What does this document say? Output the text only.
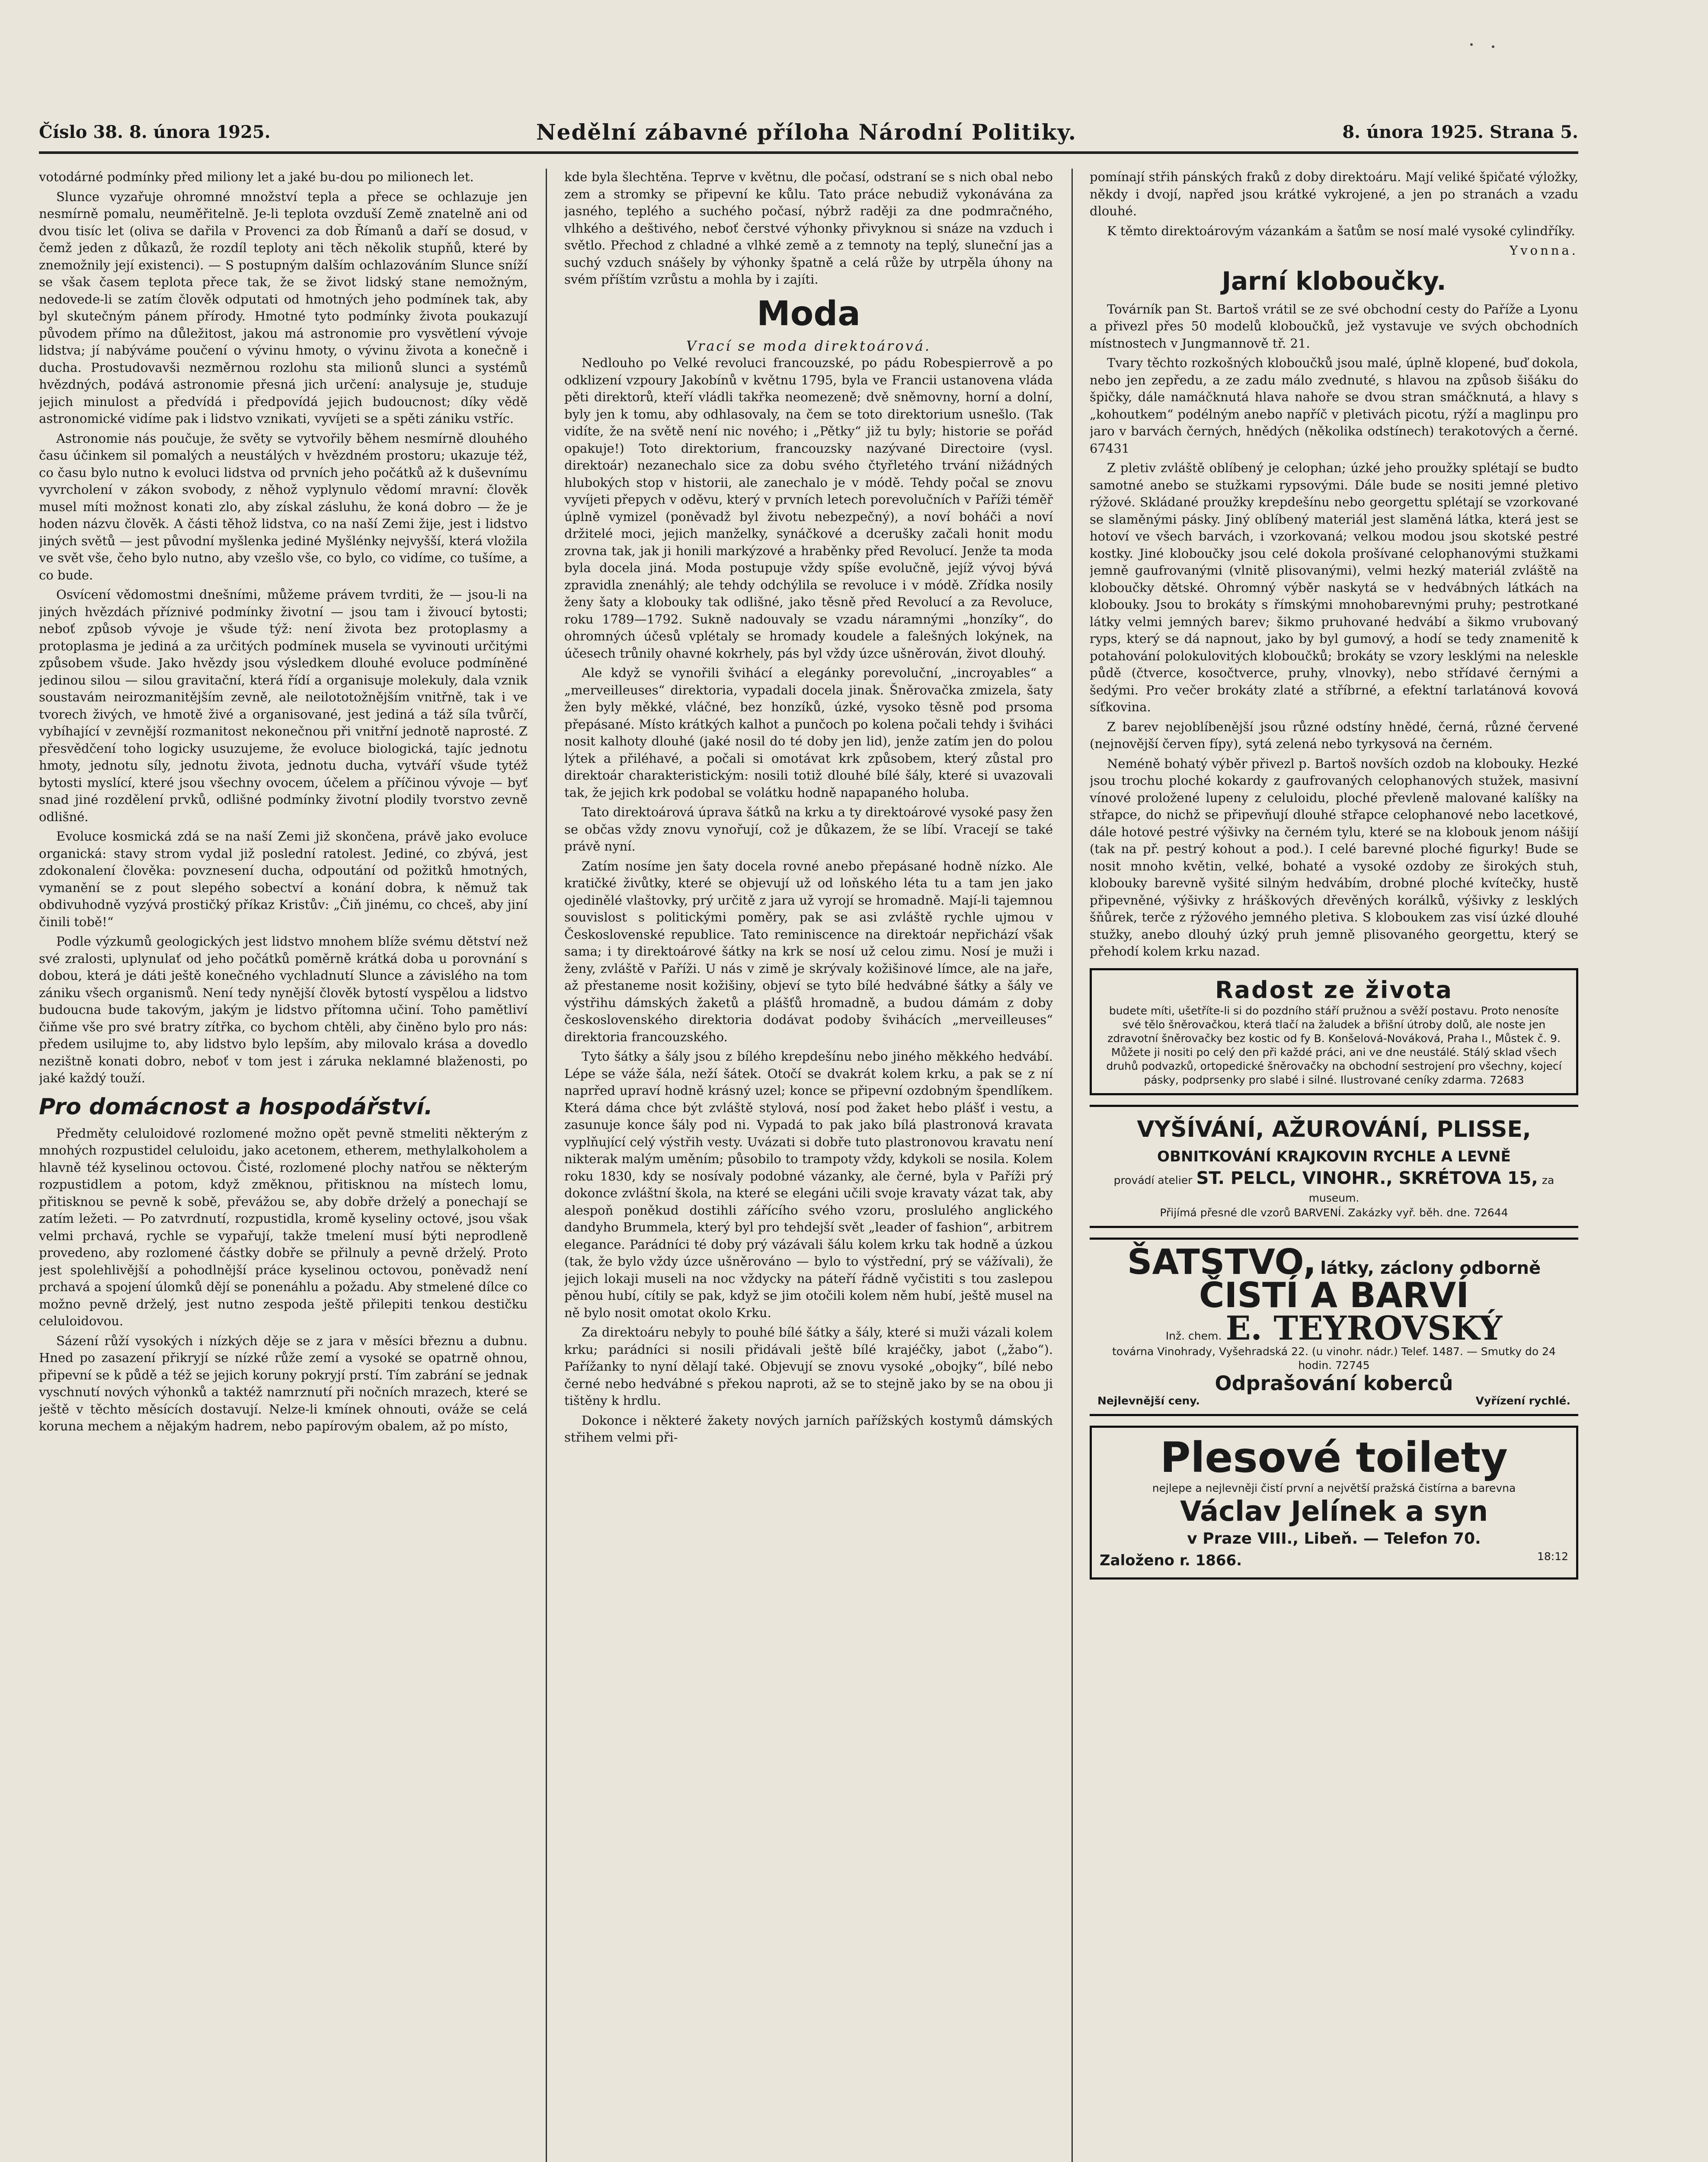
Číslo 38. 8. února 1925.	Nedělní zábavné příloha Národní Politiky.	8. února 1925. Strana 5.

votodárné podmínky před miliony let a jaké bu-dou po milionech let.

Slunce vyzařuje ohromné množství tepla a přece se ochlazuje jen nesmírně pomalu, neuměřitelně. Je-li teplota ovzduší Země znatelně ani od dvou tisíc let (oliva se dařila v Provenci za dob Římanů a daří se dosud, v čemž jeden z důkazů, že rozdíl teploty ani těch několik stupňů, které by znemožnily její existenci). — S postupným dalším ochlazováním Slunce sníží se však časem teplota přece tak, že se život lidský stane nemožným, nedovede-li se zatím člověk odputati od hmotných jeho podmínek tak, aby byl skutečným pánem přírody. Hmotné tyto podmínky života poukazují původem přímo na důležitost, jakou má astronomie pro vysvětlení vývoje lidstva; jí nabýváme poučení o vývinu hmoty, o vývinu života a konečně i ducha. Prostudovavši nezměrnou rozlohu sta milionů slunci a systémů hvězdných, podává astronomie přesná jich určení: analysuje je, studuje jejich minulost a předvídá i předpovídá jejich budoucnost; díky vědě astronomické vidíme pak i lidstvo vznikati, vyvíjeti se a spěti zániku vstříc.

Astronomie nás poučuje, že světy se vytvořily během nesmírně dlouhého času účinkem sil pomalých a neustálých v hvězdném prostoru; ukazuje též, co času bylo nutno k evoluci lidstva od prvních jeho počátků až k duševnímu vyvrcholení v zákon svobody, z něhož vyplynulo vědomí mravní: člověk musel míti možnost konati zlo, aby získal zásluhu, že koná dobro — že je hoden názvu člověk. A části těhož lidstva, co na naší Zemi žije, jest i lidstvo jiných světů — jest původní myšlenka jediné Myšlénky nejvyšší, která vložila ve svět vše, čeho bylo nutno, aby vzešlo vše, co bylo, co vidíme, co tušíme, a co bude.

Osvícení vědomostmi dnešními, můžeme právem tvrditi, že — jsou-li na jiných hvězdách příznivé podmínky životní — jsou tam i živoucí bytosti; neboť způsob vývoje je všude týž: není života bez protoplasmy a protoplasma je jediná a za určitých podmínek musela se vyvinouti určitými způsobem všude. Jako hvězdy jsou výsledkem dlouhé evoluce podmíněné jedinou silou — silou gravitační, která řídí a organisuje molekuly, dala vznik soustavám neirozmanitějším zevně, ale neilototožnějším vnitřně, tak i ve tvorech živých, ve hmotě živé a organisované, jest jediná a táž síla tvůrčí, vybíhající v zevnější rozmanitost nekonečnou při vnitřní jednotě naprosté. Z přesvědčení toho logicky usuzujeme, že evoluce biologická, tajíc jednotu hmoty, jednotu síly, jednotu života, jednotu ducha, vytváří všude tytéž bytosti myslící, které jsou všechny ovocem, účelem a příčinou vývoje — byť snad jiné rozdělení prvků, odlišné podmínky životní plodily tvorstvo zevně odlišné.

Evoluce kosmická zdá se na naší Zemi již skončena, právě jako evoluce organická: stavy strom vydal již poslední ratolest. Jediné, co zbývá, jest zdokonalení člověka: povznesení ducha, odpoutání od požitků hmotných, vymanění se z pout slepého sobectví a konání dobra, k němuž tak obdivuhodně vyzývá prostičký příkaz Kristův: „Čiň jinému, co chceš, aby jiní činili tobě!“

Podle výzkumů geologických jest lidstvo mnohem blíže svému dětství než své zralosti, uplynulať od jeho počátků poměrně krátká doba u porovnání s dobou, která je dáti ještě konečného vychladnutí Slunce a závislého na tom zániku všech organismů. Není tedy nynější člověk bytostí vyspělou a lidstvo budoucna bude takovým, jakým je lidstvo přítomna učiní. Toho pamětliví čiňme vše pro své bratry zítřka, co bychom chtěli, aby činěno bylo pro nás: předem usilujme to, aby lidstvo bylo lepším, aby milovalo krása a dovedlo nezištně konati dobro, neboť v tom jest i záruka neklamné blaženosti, po jaké každý touží.

Pro domácnost a hospodářství.

Předměty celuloidové rozlomené možno opět pevně stmeliti některým z mnohých rozpustidel celuloidu, jako acetonem, etherem, methylalkoholem a hlavně též kyselinou octovou. Čisté, rozlomené plochy natřou se některým rozpustidlem a potom, když změknou, přitisknou na místech lomu, přitisknou se pevně k sobě, převážou se, aby dobře drželý a ponechají se zatím ležeti. — Po zatvrdnutí, rozpustidla, kromě kyseliny octové, jsou však velmi prchavá, rychle se vypařují, takže tmelení musí býti neprodleně provedeno, aby rozlomené částky dobře se přilnuly a pevně drželý. Proto jest spolehlivější a pohodlnější práce kyselinou octovou, poněvadž není prchavá a spojení úlomků dějí se ponenáhlu a požadu. Aby stmelené dílce co možno pevně drželý, jest nutno zespoda ještě přilepiti tenkou destičku celuloidovou.

Sázení růží vysokých i nízkých děje se z jara v měsíci březnu a dubnu. Hned po zasazení přikryjí se nízké růže zemí a vysoké se opatrně ohnou, připevní se k půdě a též se jejich koruny pokryjí prstí. Tím zabrání se jednak vyschnutí nových výhonků a taktéž namrznutí při nočních mrazech, které se ještě v těchto měsících dostavují. Nelze-li kmínek ohnouti, ováže se celá koruna mechem a nějakým hadrem, nebo papírovým obalem, až po místo,

kde byla šlechtěna. Teprve v květnu, dle počasí, odstraní se s nich obal nebo zem a stromky se připevní ke kůlu. Tato práce nebudiž vykonávána za jasného, teplého a suchého počasí, nýbrž raději za dne podmračného, vlhkého a deštivého, neboť čerstvé výhonky přivyknou si snáze na vzduch i světlo. Přechod z chladné a vlhké země a z temnoty na teplý, sluneční jas a suchý vzduch snášely by výhonky špatně a celá růže by utrpěla úhony na svém příštím vzrůstu a mohla by i zajíti.

Moda
Vrací se moda direktoárová.

Nedlouho po Velké revoluci francouzské, po pádu Robespierrově a po odklizení vzpoury Jakobínů v květnu 1795, byla ve Francii ustanovena vláda pěti direktorů, kteří vládli takřka neomezeně; dvě sněmovny, horní a dolní, byly jen k tomu, aby odhlasovaly, na čem se toto direktorium usnešlo. (Tak vidíte, že na světě není nic nového; i „Pětky“ již tu byly; historie se pořád opakuje!) Toto direktorium, francouzsky nazývané Directoire (vysl. direktoár) nezanechalo sice za dobu svého čtyřletého trvání nižádných hlubokých stop v historii, ale zanechalo je v módě. Tehdy počal se znovu vyvíjeti přepych v oděvu, který v prvních letech porevolučních v Paříži téměř úplně vymizel (poněvadž byl životu nebezpečný), a noví boháči a noví držitelé moci, jejich manželky, synáčkové a dcerušky začali honit modu zrovna tak, jak ji honili markýzové a hraběnky před Revolucí. Jenže ta moda byla docela jiná. Moda postupuje vždy spíše evolučně, jejíž vývoj bývá zpravidla znenáhlý; ale tehdy odchýlila se revoluce i v módě. Zřídka nosily ženy šaty a klobouky tak odlišné, jako těsně před Revolucí a za Revoluce, roku 1789—1792. Sukně nadouvaly se vzadu náramnými „honzíky“, do ohromných účesů vplétaly se hromady koudele a falešných lokýnek, na účesech trůnily ohavné kokrhely, pás byl vždy úzce ušněrován, život dlouhý.

Ale když se vynořili švihácí a elegánky porevoluční, „incroyables“ a „merveilleuses“ direktoria, vypadali docela jinak. Šněrovačka zmizela, šaty žen byly měkké, vláčné, bez honzíků, úzké, vysoko těsně pod prsoma přepásané. Místo krátkých kalhot a punčoch po kolena počali tehdy i šviháci nosit kalhoty dlouhé (jaké nosil do té doby jen lid), jenže zatím jen do polou lýtek a přiléhavé, a počali si omotávat krk způsobem, který zůstal pro direktoár charakteristickým: nosili totiž dlouhé bílé šály, které si uvazovali tak, že jejich krk podobal se volátku hodně napapaného holuba.

Tato direktoárová úprava šátků na krku a ty direktoárové vysoké pasy žen se občas vždy znovu vynořují, což je důkazem, že se líbí. Vracejí se také právě nyní.

Zatím nosíme jen šaty docela rovné anebo přepásané hodně nízko. Ale kratičké živůtky, které se objevují už od loňského léta tu a tam jen jako ojedinělé vlaštovky, prý určitě z jara už vyrojí se hromadně. Mají-li tajemnou souvislost s politickými poměry, pak se asi zvláště rychle ujmou v Československé republice. Tato reminiscence na direktoár nepřichází však sama; i ty direktoárové šátky na krk se nosí už celou zimu. Nosí je muži i ženy, zvláště v Paříži. U nás v zimě je skrývaly kožišinové límce, ale na jaře, až přestaneme nosit kožišiny, objeví se tyto bílé hedvábné šátky a šály ve výstřihu dámských žaketů a plášťů hromadně, a budou dámám z doby československého direktoria dodávat podoby švihácích „merveilleuses“ direktoria francouzského.

Tyto šátky a šály jsou z bílého krepdešínu nebo jiného měkkého hedvábí. Lépe se váže šála, neží šátek. Otočí se dvakrát kolem krku, a pak se z ní naprřed upraví hodně krásný uzel; konce se připevní ozdobným špendlíkem. Která dáma chce být zvláště stylová, nosí pod žaket hebo plášť i vestu, a zasunuje konce šály pod ni. Vypadá to pak jako bílá plastronová kravata vyplňující celý výstřih vesty. Uvázati si dobře tuto plastronovou kravatu není nikterak malým uměním; působilo to trampoty vždy, kdykoli se nosila. Kolem roku 1830, kdy se nosívaly podobné vázanky, ale černé, byla v Paříži prý dokonce zvláštní škola, na které se elegáni učili svoje kravaty vázat tak, aby alespoň poněkud dostihli zářícího svého vzoru, proslulého anglického dandyho Brummela, který byl pro tehdejší svět „leader of fashion“, arbitrem elegance. Parádníci té doby prý vázávali šálu kolem krku tak hodně a úzkou (tak, že bylo vždy úzce ušněrováno — bylo to výstřední, prý se vážívali), že jejich lokaji museli na noc vždycky na páteří řádně vyčistiti s tou zaslepou pěnou hubí, cítily se pak, když se jim otočili kolem něm hubí, ještě musel na ně bylo nosit omotat okolo Krku.

Za direktoáru nebyly to pouhé bílé šátky a šály, které si muži vázali kolem krku; parádníci si nosili přidávali ještě bílé krajéčky, jabot („žabo“). Pařížanky to nyní dělají také. Objevují se znovu vysoké „obojky“, bílé nebo černé nebo hedvábné s překou naproti, až se to stejně jako by se na obou ji tištěny k hrdlu.

Dokonce i některé žakety nových jarních pařížských kostymů dámských střihem velmi při-

pomínají střih pánských fraků z doby direktoáru. Mají veliké špičaté výložky, někdy i dvojí, napřed jsou krátké vykrojené, a jen po stranách a vzadu dlouhé.

K těmto direktoárovým vázankám a šatům se nosí malé vysoké cylindříky.

Yvonna.
Jarní kloboučky.

Továrník pan St. Bartoš vrátil se ze své obchodní cesty do Paříže a Lyonu a přivezl přes 50 modelů kloboučků, jež vystavuje ve svých obchodních místnostech v Jungmannově tř. 21.

Tvary těchto rozkošných kloboučků jsou malé, úplně klopené, buď dokola, nebo jen zepředu, a ze zadu málo zvednuté, s hlavou na způsob šišáku do špičky, dále namáčknutá hlava nahoře se dvou stran smáčknutá, a hlavy s „kohoutkem“ podélným anebo napříč v pletivách picotu, rýží a maglinpu pro jaro v barvách černých, hnědých (několika odstínech) terakotových a černé. 67431

Z pletiv zvláště oblíbený je celophan; úzké jeho proužky splétají se budto samotné anebo se stužkami rypsovými. Dále bude se nositi jemné pletivo rýžové. Skládané proužky krepdešínu nebo georgettu splétají se vzorkované se slaměnými pásky. Jiný oblíbený materiál jest slaměná látka, která jest se hotoví ve všech barvách, i vzorkovaná; velkou modou jsou skotské pestré kostky. Jiné kloboučky jsou celé dokola prošívané celophanovými stužkami jemně gaufrovanými (vlnitě plisovanými), velmi hezký materiál zvláště na kloboučky dětské. Ohromný výběr naskytá se v hedvábných látkách na klobouky. Jsou to brokáty s římskými mnohobarevnými pruhy; pestrotkané látky velmi jemných barev; šikmo pruhované hedvábí a šikmo vrubovaný ryps, který se dá napnout, jako by byl gumový, a hodí se tedy znamenitě k potahování polokulovitých kloboučků; brokáty se vzory lesklými na neleskle půdě (čtverce, kosočtverce, pruhy, vlnovky), nebo střídavé černými a šedými. Pro večer brokáty zlaté a stříbrné, a efektní tarlatánová kovová síťkovina.

Z barev nejoblíbenější jsou různé odstíny hnědé, černá, různé červené (nejnovější červen fípy), sytá zelená nebo tyrkysová na černém.

Neméně bohatý výběr přivezl p. Bartoš novších ozdob na klobouky. Hezké jsou trochu ploché kokardy z gaufrovaných celophanových stužek, masivní vínové proložené lupeny z celuloidu, ploché převleně malované kalíšky na střapce, do nichž se připevňují dlouhé střapce celophanové nebo lacetkové, dále hotové pestré výšivky na černém tylu, které se na klobouk jenom nášijí (tak na př. pestrý kohout a pod.). I celé barevné ploché figurky! Bude se nosit mnoho květin, velké, bohaté a vysoké ozdoby ze širokých stuh, klobouky barevně vyšité silným hedvábím, drobné ploché kvítečky, hustě připevněné, výšivky z hráškových dřevěných korálků, výšivky z lesklých šňůrek, terče z rýžového jemného pletiva. S kloboukem zas visí úzké dlouhé stužky, anebo dlouhý úzký pruh jemně plisovaného georgettu, který se přehodí kolem krku nazad.

Radost ze života
budete míti, ušetříte-li si do pozdního stáří pružnou a svěží postavu. Proto nenosíte své tělo šněrovačkou, která tlačí na žaludek a břišní útroby dolů, ale noste jen zdravotní šněrovačky bez kostic od fy B. Konšelová-Nováková, Praha I., Můstek č. 9. Můžete ji nositi po celý den při každé práci, ani ve dne neustálé. Stálý sklad všech druhů podvazků, ortopedické šněrovačky na obchodní sestrojení pro všechny, kojecí pásky, podprsenky pro slabé i silné. Ilustrované ceníky zdarma. 72683
VYŠÍVÁNÍ, AŽUROVÁNÍ, PLISSE,
OBNITKOVÁNÍ KRAJKOVIN RYCHLE A LEVNĚ
provádí atelier ST. PELCL, VINOHR., SKRÉTOVA 15, za museum.
Přijímá přesné dle vzorů BARVENÍ. Zakázky vyř. běh. dne. 72644
ŠATSTVO, látky, záclony odborně
ČISTÍ A BARVÍ
Inž. chem. E. TEYROVSKÝ
továrna Vinohrady, Vyšehradská 22. (u vinohr. nádr.) Telef. 1487. — Smutky do 24 hodin. 72745
Odprašování koberců
Nejlevnější ceny.	Vyřízení rychlé.
Plesové toilety
nejlepe a nejlevněji čistí první a největší pražská čistírna a barevna
Václav Jelínek a syn
v Praze VIII., Libeň. — Telefon 70.
Založeno r. 1866.	18:12
